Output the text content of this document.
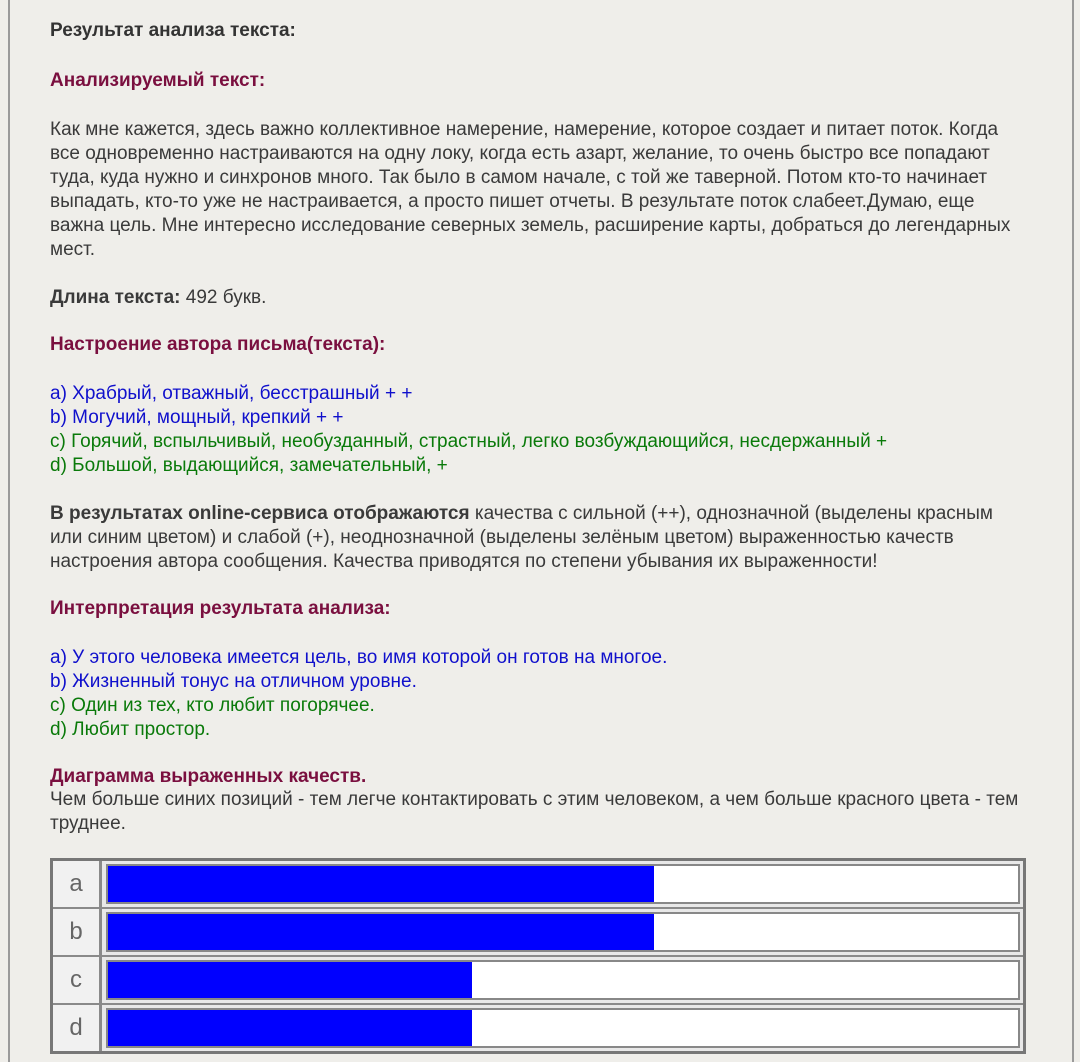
Результат анализа текста:

Анализируемый текст:

Как мне кажется, здесь важно коллективное намерение, намерение, которое создает и питает поток. Когда все одновременно настраиваются на одну локу, когда есть азарт, желание, то очень быстро все попадают туда, куда нужно и синхронов много. Так было в самом начале, с той же таверной. Потом кто-то начинает выпадать, кто-то уже не настраивается, а просто пишет отчеты. В результате поток слабеет.Думаю, еще важна цель. Мне интересно исследование северных земель, расширение карты, добраться до легендарных мест.

Длина текста: 492 букв.

Настроение автора письма(текста):

a) Храбрый, отважный, бесстрашный + +
b) Могучий, мощный, крепкий + +
c) Горячий, вспыльчивый, необузданный, страстный, легко возбуждающийся, несдержанный +
d) Большой, выдающийся, замечательный, +

В результатах online-сервиса отображаются качества с сильной (++), однозначной (выделены красным или синим цветом) и слабой (+), неоднозначной (выделены зелёным цветом) выраженностью качеств настроения автора сообщения. Качества приводятся по степени убывания их выраженности!

Интерпретация результата анализа:

a) У этого человека имеется цель, во имя которой он готов на многое.
b) Жизненный тонус на отличном уровне.
c) Один из тех, кто любит погорячее.
d) Любит простор.

Диаграмма выраженных качеств.

Чем больше синих позиций - тем легче контактировать с этим человеком, а чем больше красного цвета - тем труднее.

a
b
c
d
